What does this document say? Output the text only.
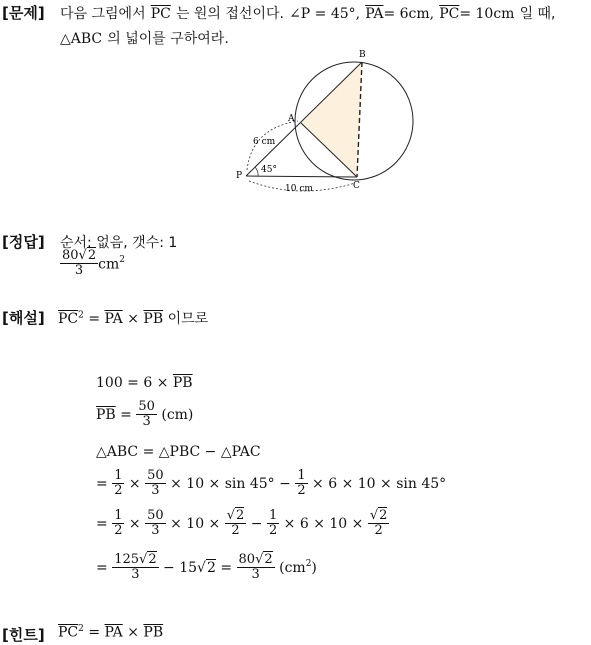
[문제] 다음 그림에서 $\overline{PC}$ 는 원의 접선이다. ∠P = 45°, $\overline{PA}= 6cm$, $\overline{PC}= 10cm$ 일 때,
△ABC 의 넓이를 구하여라.
A
B
C
P
6 cm
10 cm
45°
[정답] 순서: 없음, 갯수: 1
$\frac{80√2}{3} cm^2$
[해설] $\overline{PC}^2 = \overline{PA} \times \overline{PB}$ 이므로
$100 = 6 \times \overline{PB}$
$\overline{PB} = \frac{50}{3} (cm)$
△ABC = △PBC − △PAC
= $\frac{1}{2} \times \frac{50}{3} \times 10 \times \sin 45^\circ - \frac{1}{2} \times 6 \times 10 \times \sin 45^\circ$
= $\frac{1}{2} \times \frac{50}{3} \times 10 \times \frac{√2}{2} - \frac{1}{2} \times 6 \times 10 \times \frac{√2}{2}$
= $\frac{125√2}{3} - 15√2 = \frac{80√2}{3} (cm^2)$
[힌트] $\overline{PC}^2 = \overline{PA} \times \overline{PB}$
